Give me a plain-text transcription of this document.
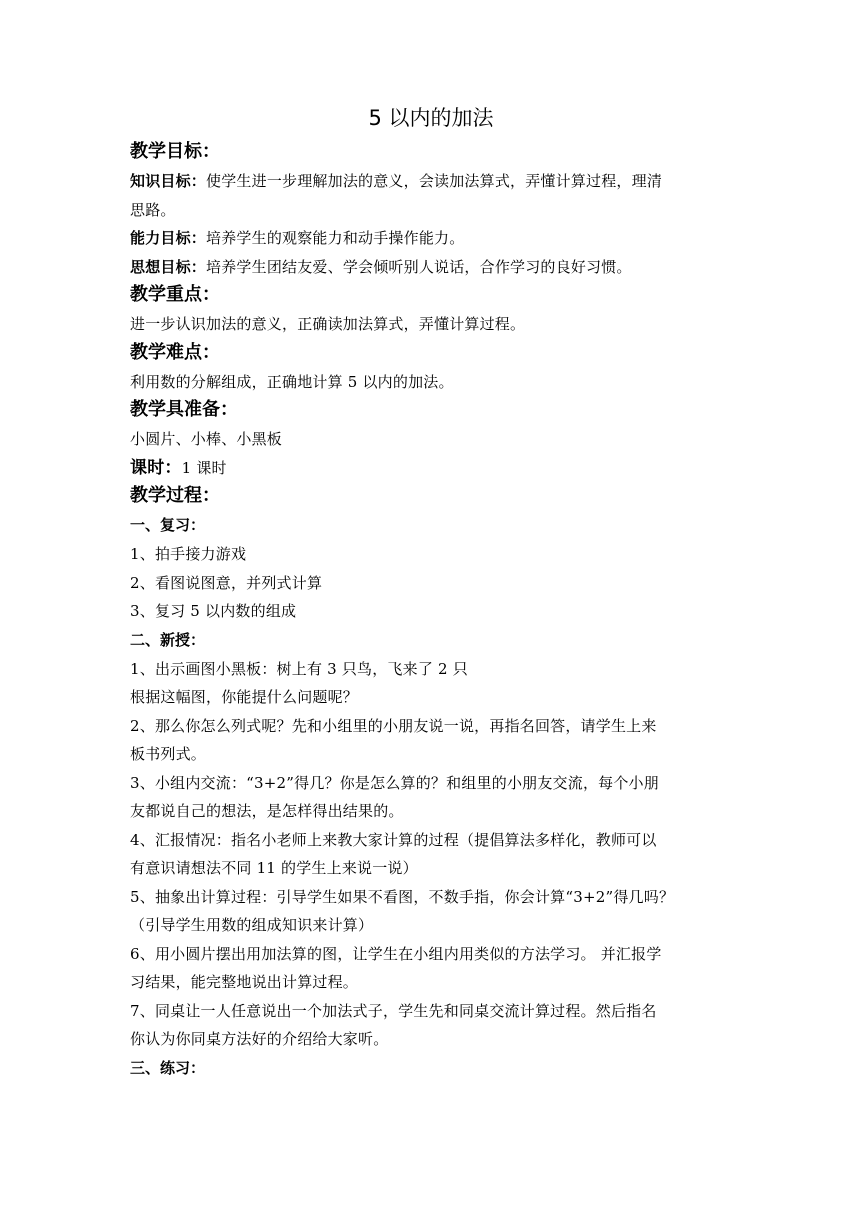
5 以内的加法
教学目标：
知识目标：使学生进一步理解加法的意义，会读加法算式，弄懂计算过程，理清
思路。
能力目标：培养学生的观察能力和动手操作能力。
思想目标：培养学生团结友爱、学会倾听别人说话，合作学习的良好习惯。
教学重点：
进一步认识加法的意义，正确读加法算式，弄懂计算过程。
教学难点：
利用数的分解组成，正确地计算 5 以内的加法。
教学具准备：
小圆片、小棒、小黑板
课时：1 课时
教学过程：
一、复习：
1、拍手接力游戏
2、看图说图意，并列式计算
3、复习 5 以内数的组成
二、新授：
1、出示画图小黑板：树上有 3 只鸟，飞来了 2 只
根据这幅图，你能提什么问题呢？
2、那么你怎么列式呢？先和小组里的小朋友说一说，再指名回答，请学生上来
板书列式。
3、小组内交流：“3+2”得几？你是怎么算的？和组里的小朋友交流，每个小朋
友都说自己的想法，是怎样得出结果的。
4、汇报情况：指名小老师上来教大家计算的过程（提倡算法多样化，教师可以
有意识请想法不同 11 的学生上来说一说）
5、抽象出计算过程：引导学生如果不看图，不数手指，你会计算“3+2”得几吗？
（引导学生用数的组成知识来计算）
6、用小圆片摆出用加法算的图，让学生在小组内用类似的方法学习。 并汇报学
习结果，能完整地说出计算过程。
7、同桌让一人任意说出一个加法式子，学生先和同桌交流计算过程。然后指名
你认为你同桌方法好的介绍给大家听。
三、练习：
